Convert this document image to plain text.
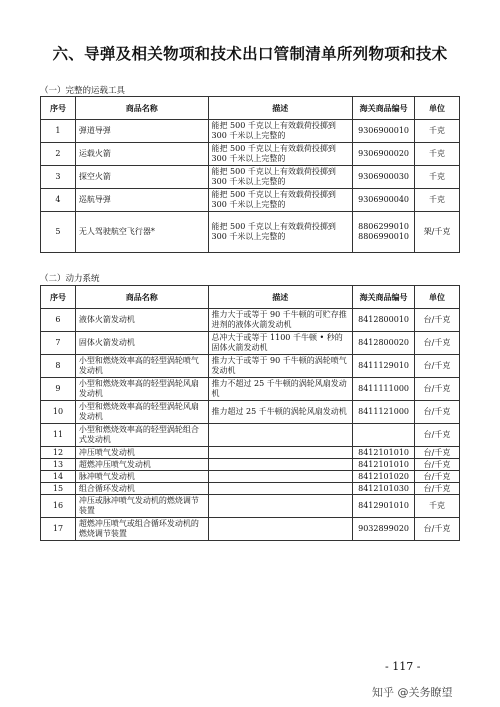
六、导弹及相关物项和技术出口管制清单所列物项和技术
（一）完整的运载工具
序号	商品名称	描述	海关商品编号	单位
1	弹道导弹	能把 500 千克以上有效载荷投掷到 300 千米以上完整的	9306900010	千克
2	运载火箭	能把 500 千克以上有效载荷投掷到 300 千米以上完整的	9306900020	千克
3	探空火箭	能把 500 千克以上有效载荷投掷到 300 千米以上完整的	9306900030	千克
4	巡航导弹	能把 500 千克以上有效载荷投掷到 300 千米以上完整的	9306900040	千克
5	无人驾驶航空飞行器*	能把 500 千克以上有效载荷投掷到 300 千米以上完整的	8806299010 8806990010	架/千克
（二）动力系统
序号	商品名称	描述	海关商品编号	单位
6	液体火箭发动机	推力大于或等于 90 千牛顿的可贮存推进剂的液体火箭发动机	8412800010	台/千克
7	固体火箭发动机	总冲大于或等于 1100 千牛顿 • 秒的固体火箭发动机	8412800020	台/千克
8	小型和燃烧效率高的轻型涡轮喷气发动机	推力大于或等于 90 千牛顿的涡轮喷气发动机	8411129010	台/千克
9	小型和燃烧效率高的轻型涡轮风扇发动机	推力不超过 25 千牛顿的涡轮风扇发动机	8411111000	台/千克
10	小型和燃烧效率高的轻型涡轮风扇发动机	推力超过 25 千牛顿的涡轮风扇发动机	8411121000	台/千克
11	小型和燃烧效率高的轻型涡轮组合式发动机			台/千克
12	冲压喷气发动机		8412101010	台/千克
13	超燃冲压喷气发动机		8412101010	台/千克
14	脉冲喷气发动机		8412101020	台/千克
15	组合循环发动机		8412101030	台/千克
16	冲压或脉冲喷气发动机的燃烧调节装置		8412901010	千克
17	超燃冲压喷气或组合循环发动机的燃烧调节装置		9032899020	台/千克
- 117 -
知乎 @关务瞭望
